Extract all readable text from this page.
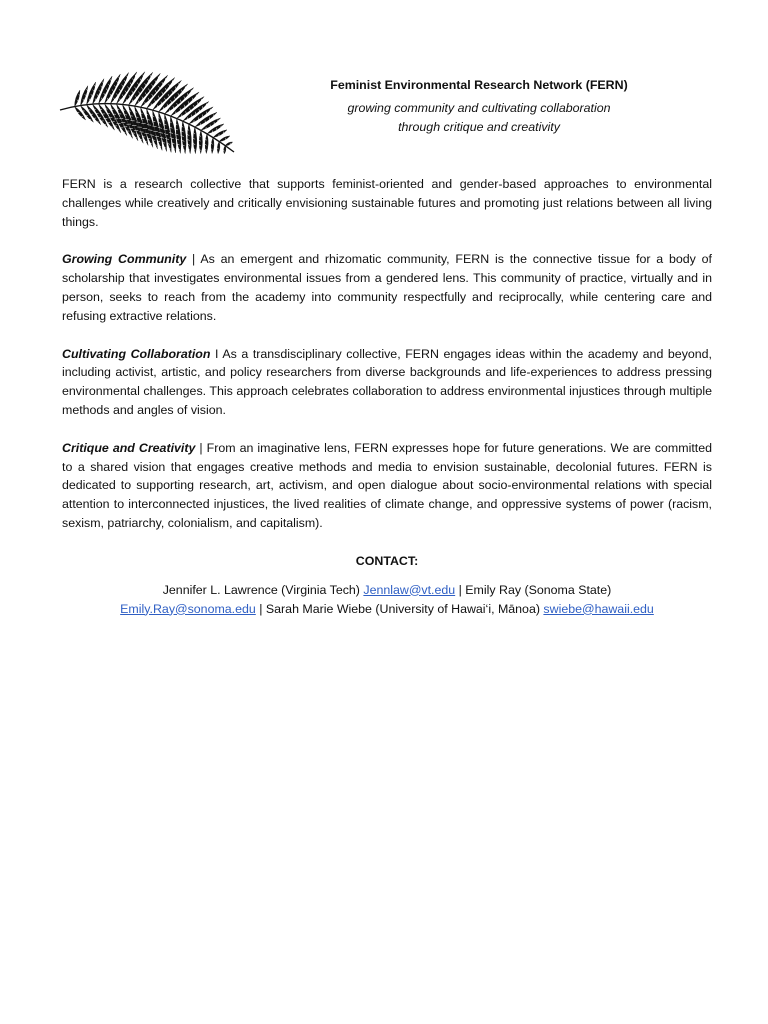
Feminist Environmental Research Network (FERN)
growing community and cultivating collaboration
through critique and creativity

FERN is a research collective that supports feminist-oriented and gender-based approaches to environmental challenges while creatively and critically envisioning sustainable futures and promoting just relations between all living things.

Growing Community | As an emergent and rhizomatic community, FERN is the connective tissue for a body of scholarship that investigates environmental issues from a gendered lens. This community of practice, virtually and in person, seeks to reach from the academy into community respectfully and reciprocally, while centering care and refusing extractive relations.

Cultivating Collaboration I As a transdisciplinary collective, FERN engages ideas within the academy and beyond, including activist, artistic, and policy researchers from diverse backgrounds and life-experiences to address pressing environmental challenges. This approach celebrates collaboration to address environmental injustices through multiple methods and angles of vision.

Critique and Creativity | From an imaginative lens, FERN expresses hope for future generations. We are committed to a shared vision that engages creative methods and media to envision sustainable, decolonial futures. FERN is dedicated to supporting research, art, activism, and open dialogue about socio-environmental relations with special attention to interconnected injustices, the lived realities of climate change, and oppressive systems of power (racism, sexism, patriarchy, colonialism, and capitalism).

CONTACT:
Jennifer L. Lawrence (Virginia Tech) Jennlaw@vt.edu | Emily Ray (Sonoma State)
Emily.Ray@sonoma.edu | Sarah Marie Wiebe (University of Hawai‘i, Mānoa) swiebe@hawaii.edu
